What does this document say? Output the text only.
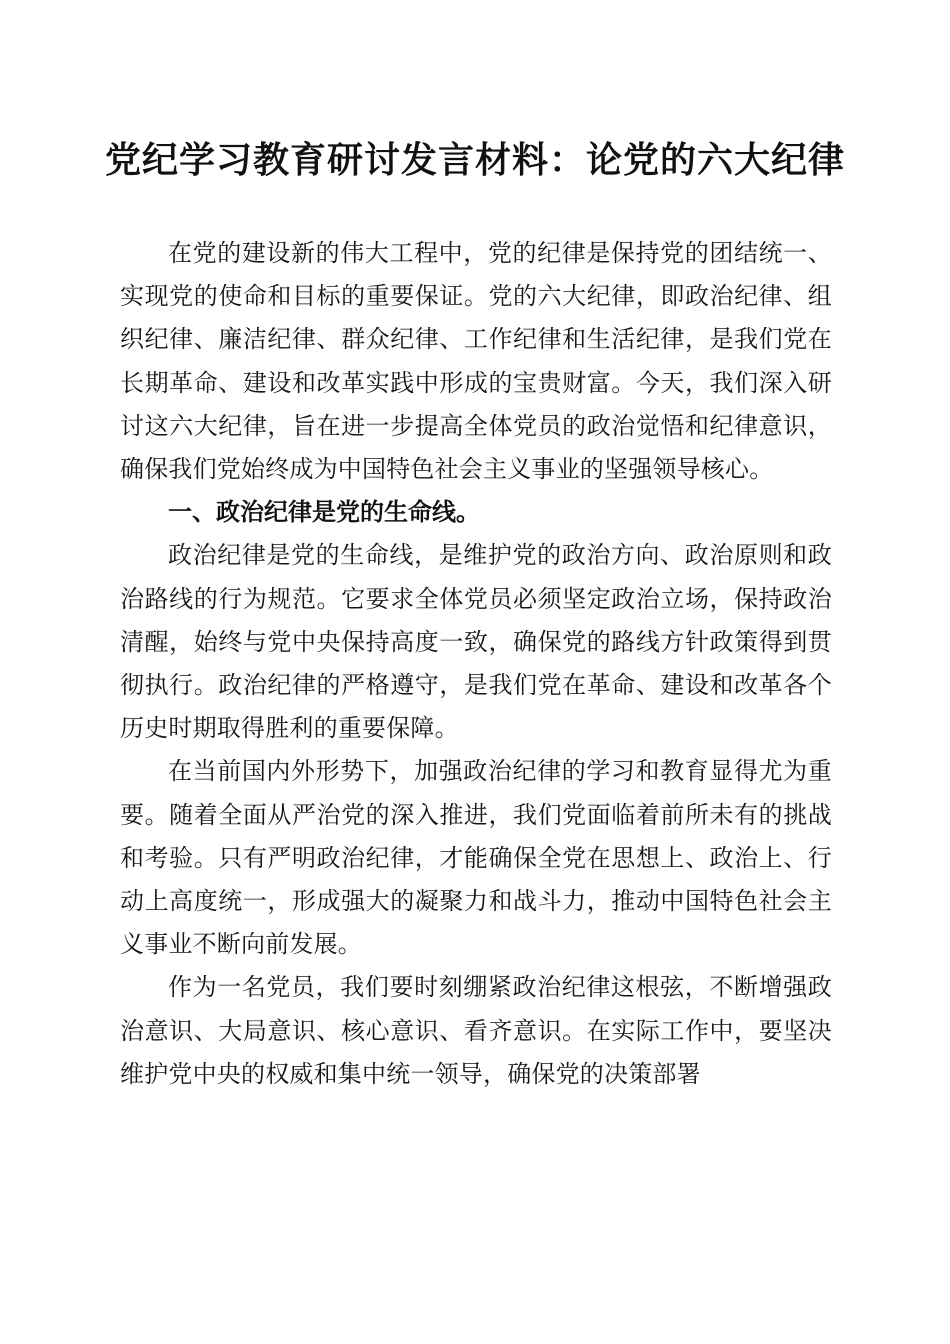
党纪学习教育研讨发言材料：论党的六大纪律

在党的建设新的伟大工程中，党的纪律是保持党的团结统一、实现党的使命和目标的重要保证。党的六大纪律，即政治纪律、组织纪律、廉洁纪律、群众纪律、工作纪律和生活纪律，是我们党在长期革命、建设和改革实践中形成的宝贵财富。今天，我们深入研讨这六大纪律，旨在进一步提高全体党员的政治觉悟和纪律意识，确保我们党始终成为中国特色社会主义事业的坚强领导核心。

一、政治纪律是党的生命线。

政治纪律是党的生命线，是维护党的政治方向、政治原则和政治路线的行为规范。它要求全体党员必须坚定政治立场，保持政治清醒，始终与党中央保持高度一致，确保党的路线方针政策得到贯彻执行。政治纪律的严格遵守，是我们党在革命、建设和改革各个历史时期取得胜利的重要保障。

在当前国内外形势下，加强政治纪律的学习和教育显得尤为重要。随着全面从严治党的深入推进，我们党面临着前所未有的挑战和考验。只有严明政治纪律，才能确保全党在思想上、政治上、行动上高度统一，形成强大的凝聚力和战斗力，推动中国特色社会主义事业不断向前发展。

作为一名党员，我们要时刻绷紧政治纪律这根弦，不断增强政治意识、大局意识、核心意识、看齐意识。在实际工作中，要坚决维护党中央的权威和集中统一领导，确保党的决策部署
